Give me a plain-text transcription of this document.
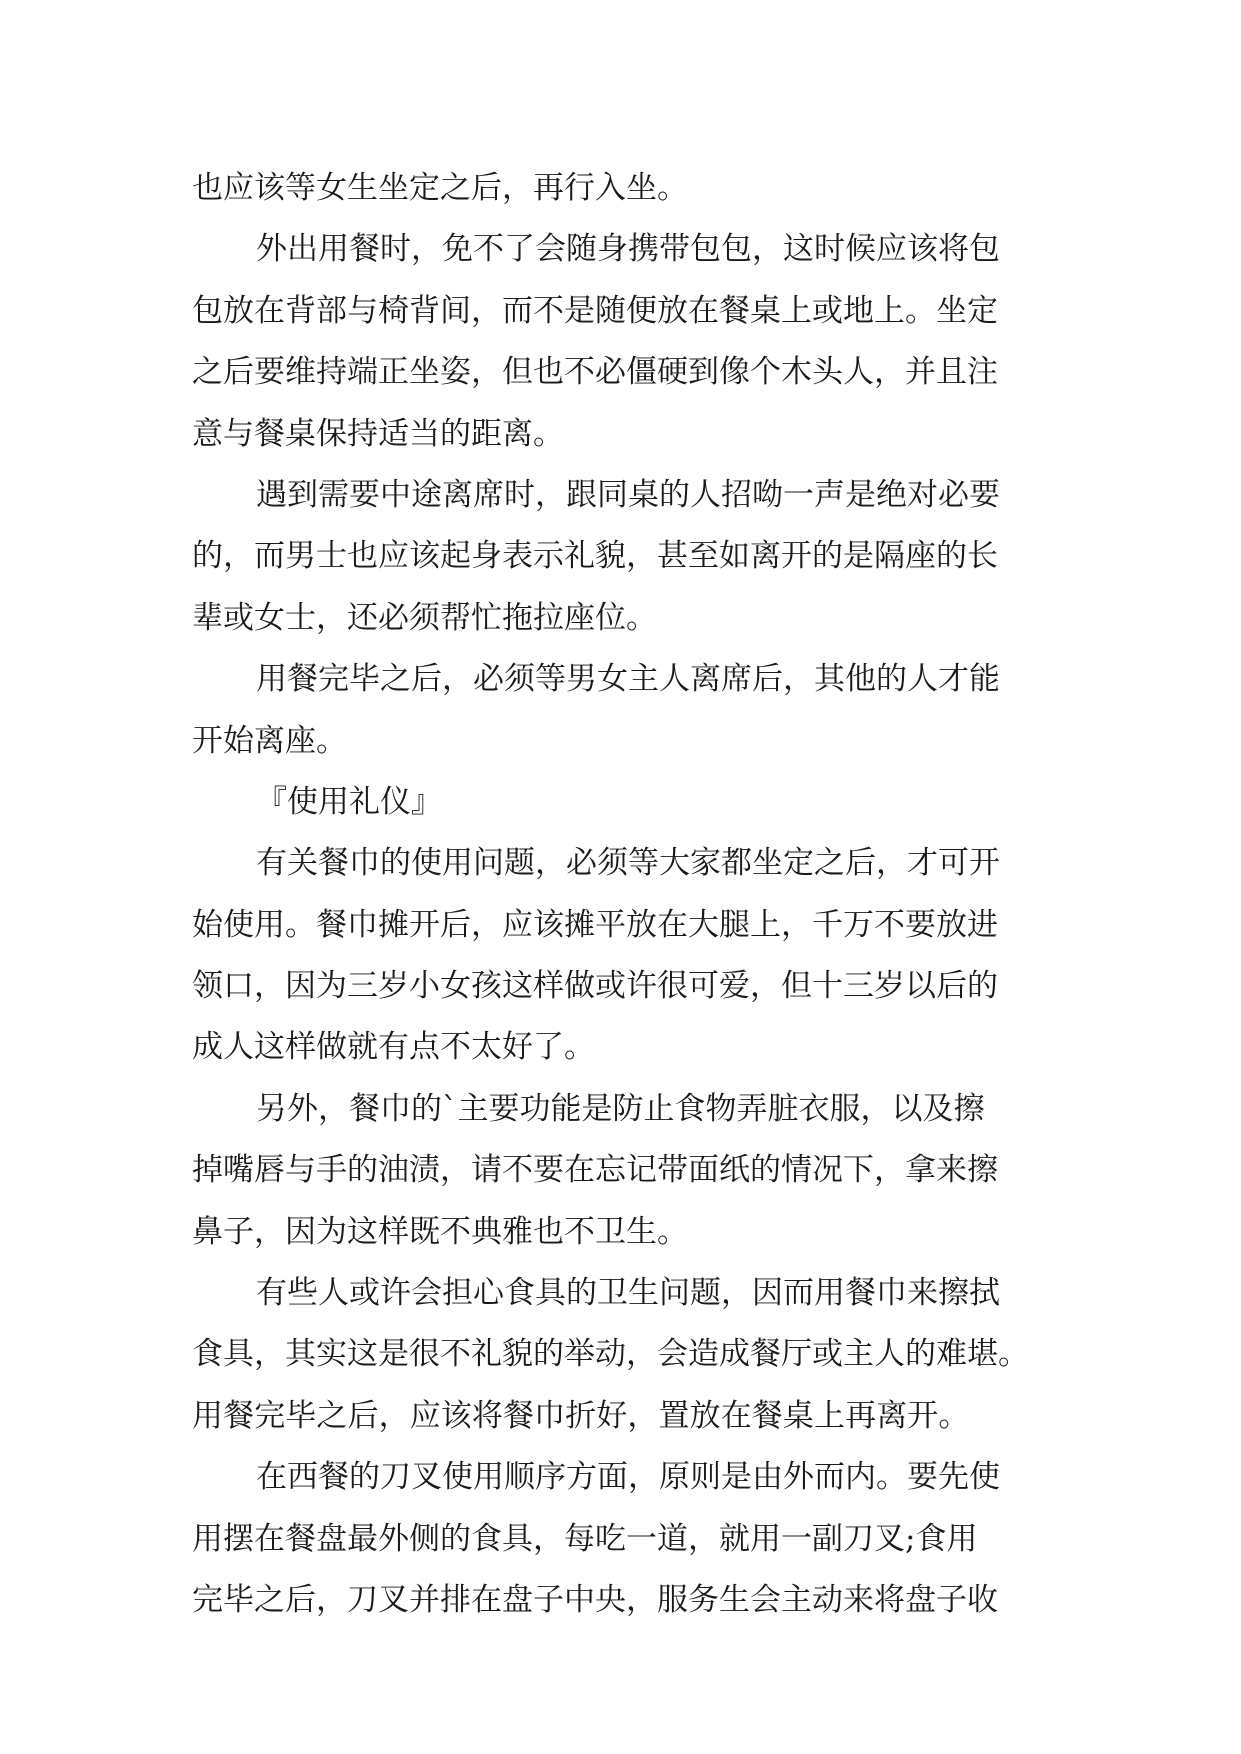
也应该等女生坐定之后，再行入坐。
外出用餐时，免不了会随身携带包包，这时候应该将包
包放在背部与椅背间，而不是随便放在餐桌上或地上。坐定
之后要维持端正坐姿，但也不必僵硬到像个木头人，并且注
意与餐桌保持适当的距离。
遇到需要中途离席时，跟同桌的人招呦一声是绝对必要
的，而男士也应该起身表示礼貌，甚至如离开的是隔座的长
辈或女士，还必须帮忙拖拉座位。
用餐完毕之后，必须等男女主人离席后，其他的人才能
开始离座。
『使用礼仪』
有关餐巾的使用问题，必须等大家都坐定之后，才可开
始使用。餐巾摊开后，应该摊平放在大腿上，千万不要放进
领口，因为三岁小女孩这样做或许很可爱，但十三岁以后的
成人这样做就有点不太好了。
另外，餐巾的`主要功能是防止食物弄脏衣服，以及擦
掉嘴唇与手的油渍，请不要在忘记带面纸的情况下，拿来擦
鼻子，因为这样既不典雅也不卫生。
有些人或许会担心食具的卫生问题，因而用餐巾来擦拭
食具，其实这是很不礼貌的举动，会造成餐厅或主人的难堪。
用餐完毕之后，应该将餐巾折好，置放在餐桌上再离开。
在西餐的刀叉使用顺序方面，原则是由外而内。要先使
用摆在餐盘最外侧的食具，每吃一道，就用一副刀叉;食用
完毕之后，刀叉并排在盘子中央，服务生会主动来将盘子收
